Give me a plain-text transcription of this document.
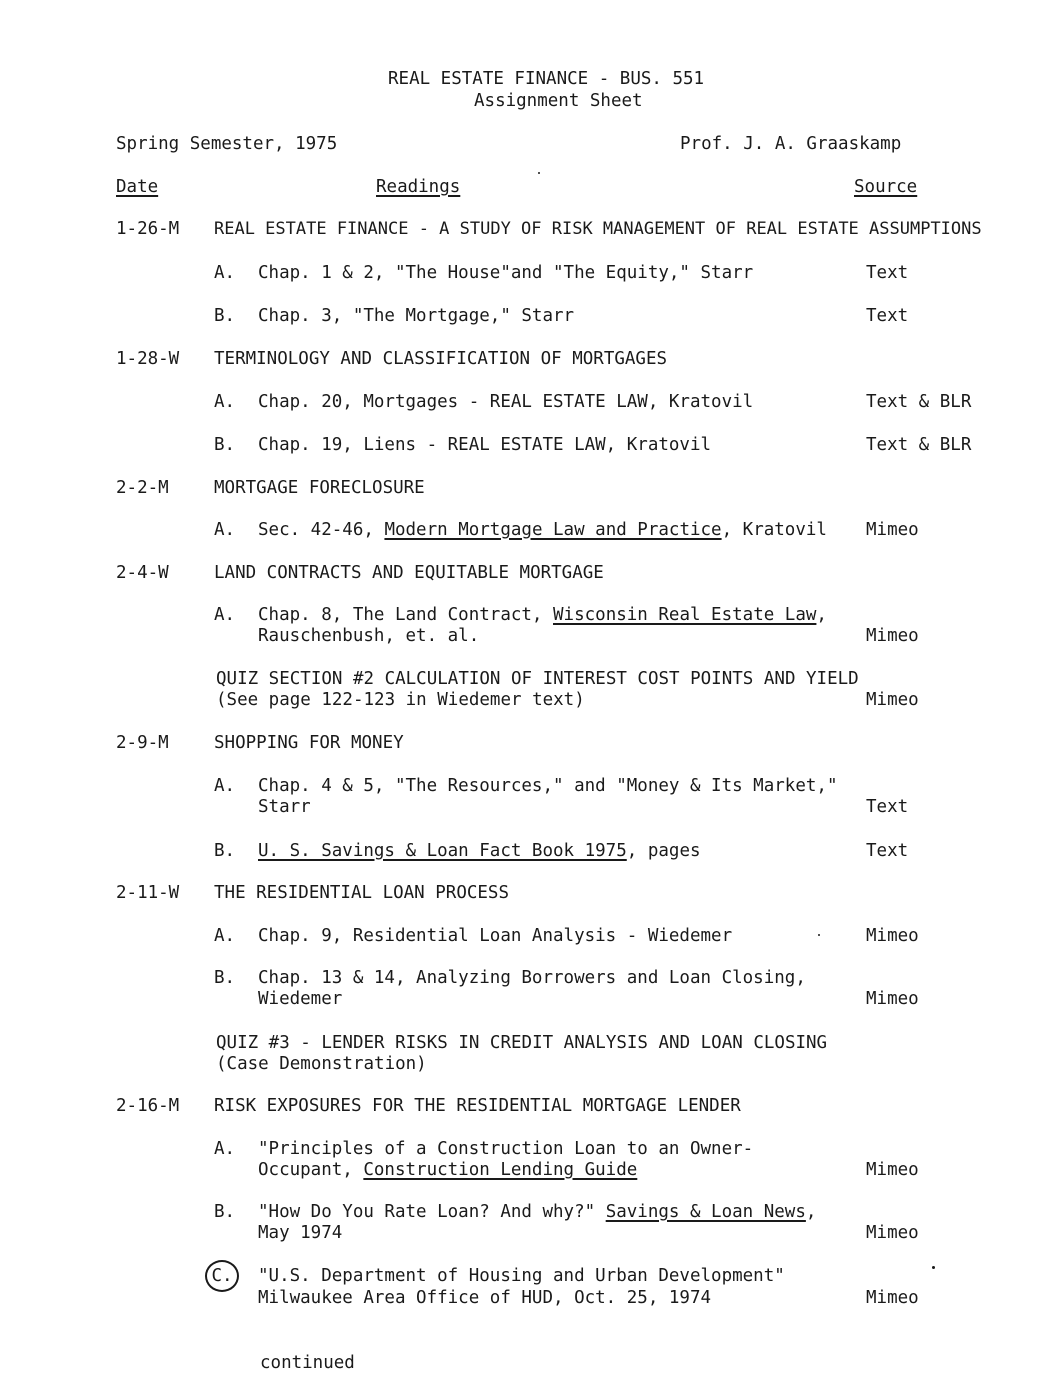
REAL ESTATE FINANCE - BUS. 551
Assignment Sheet
Spring Semester, 1975	Prof. J. A. Graaskamp
Date	Readings	Source
1-26-M REAL ESTATE FINANCE - A STUDY OF RISK MANAGEMENT OF REAL ESTATE ASSUMPTIONS
A. Chap. 1 & 2, "The House"and "The Equity," Starr	Text
B. Chap. 3, "The Mortgage," Starr	Text
1-28-W TERMINOLOGY AND CLASSIFICATION OF MORTGAGES
A. Chap. 20, Mortgages - REAL ESTATE LAW, Kratovil	Text & BLR
B. Chap. 19, Liens - REAL ESTATE LAW, Kratovil	Text & BLR
2-2-M	MORTGAGE FORECLOSURE
A. Sec. 42-46, Modern Mortgage Law and Practice, Kratovil Mimeo
2-4-W	LAND CONTRACTS AND EQUITABLE MORTGAGE
A. Chap. 8, The Land Contract, Wisconsin Real Estate Law,
Rauschenbush, et. al.	Mimeo
QUIZ SECTION #2 CALCULATION OF INTEREST COST POINTS AND YIELD
(See page 122-123 in Wiedemer text)	Mimeo
2-9-M	SHOPPING FOR MONEY
A. Chap. 4 & 5, "The Resources," and "Money & Its Market,"
Starr	Text
B. U. S. Savings & Loan Fact Book 1975, pages	Text
2-11-W THE RESIDENTIAL LOAN PROCESS
A. Chap. 9, Residential Loan Analysis - Wiedemer	Mimeo
B. Chap. 13 & 14, Analyzing Borrowers and Loan Closing,
Wiedemer	Mimeo
QUIZ #3 - LENDER RISKS IN CREDIT ANALYSIS AND LOAN CLOSING
(Case Demonstration)
2-16-M RISK EXPOSURES FOR THE RESIDENTIAL MORTGAGE LENDER
A. "Principles of a Construction Loan to an Owner-
Occupant, Construction Lending Guide	Mimeo
B. "How Do You Rate Loan? And why?" Savings & Loan News,
May 1974	Mimeo
C.	"U.S. Department of Housing and Urban Development"
Milwaukee Area Office of HUD, Oct. 25, 1974	Mimeo
continued
